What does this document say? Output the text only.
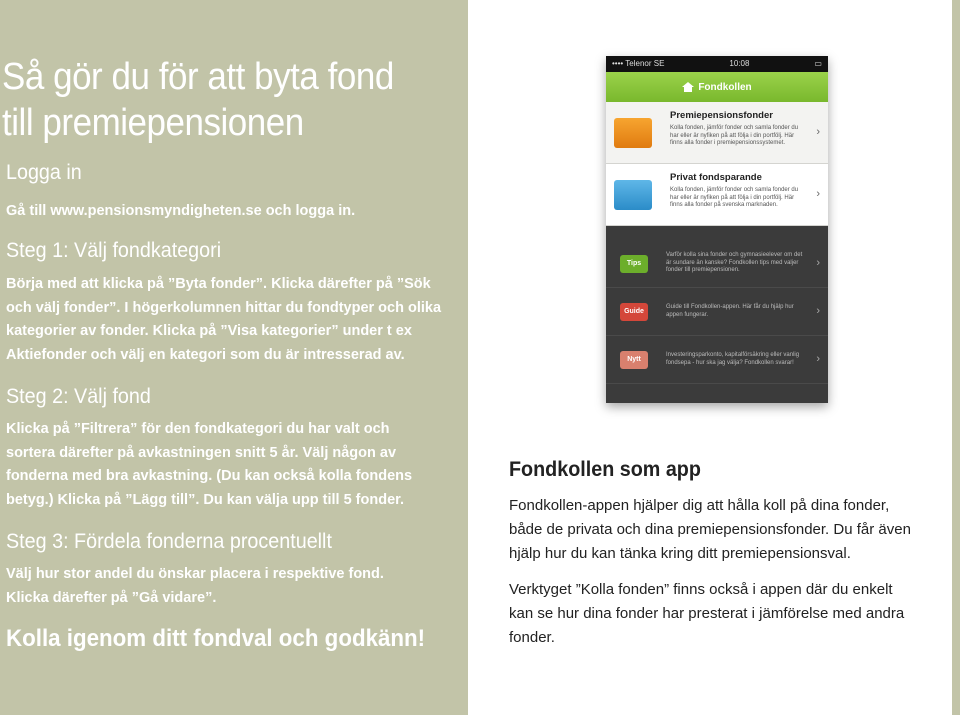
Så gör du för att byta fond
till premiepensionen
Logga in
Gå till www.pensionsmyndigheten.se och logga in.
Steg 1: Välj fondkategori
Börja med att klicka på ”Byta fonder”. Klicka därefter på ”Sök
och välj fonder”. I högerkolumnen hittar du fondtyper och olika
kategorier av fonder. Klicka på ”Visa kategorier” under t ex
Aktiefonder och välj en kategori som du är intresserad av.
Steg 2: Välj fond
Klicka på ”Filtrera” för den fondkategori du har valt och
sortera därefter på avkastningen snitt 5 år. Välj någon av
fonderna med bra avkastning. (Du kan också kolla fondens
betyg.) Klicka på ”Lägg till”. Du kan välja upp till 5 fonder.
Steg 3: Fördela fonderna procentuellt
Välj hur stor andel du önskar placera i respektive fond.
Klicka därefter på ”Gå vidare”.
Kolla igenom ditt fondval och godkänn!
•••• Telenor SE	10:08	▭
Fondkollen
Premiepensionsfonder
Kolla fonden, jämför fonder och samla fonder du har eller är nyfiken på att följa i din portfölj. Här finns alla fonder i premiepensionssystemet.
›
Privat fondsparande
Kolla fonden, jämför fonder och samla fonder du har eller är nyfiken på att följa i din portfölj. Här finns alla fonder på svenska marknaden.
›
Tips
Varför kolla sina fonder och gymnasieelever om det är sundare än kanske? Fondkollen tips med valjer fonder till premiepensionen.
›
Guide
Guide till Fondkollen-appen. Här får du hjälp hur appen fungerar.	›
Nytt
Investeringsparkonto, kapitalförsäkring eller vanlig fondsepa - hur ska jag välja? Fondkollen svarar!	›
Fondkollen som app
Fondkollen-appen hjälper dig att hålla koll på dina fonder,
både de privata och dina premiepensionsfonder. Du får även
hjälp hur du kan tänka kring ditt premiepensionsval.
Verktyget ”Kolla fonden” finns också i appen där du enkelt
kan se hur dina fonder har presterat i jämförelse med andra
fonder.
